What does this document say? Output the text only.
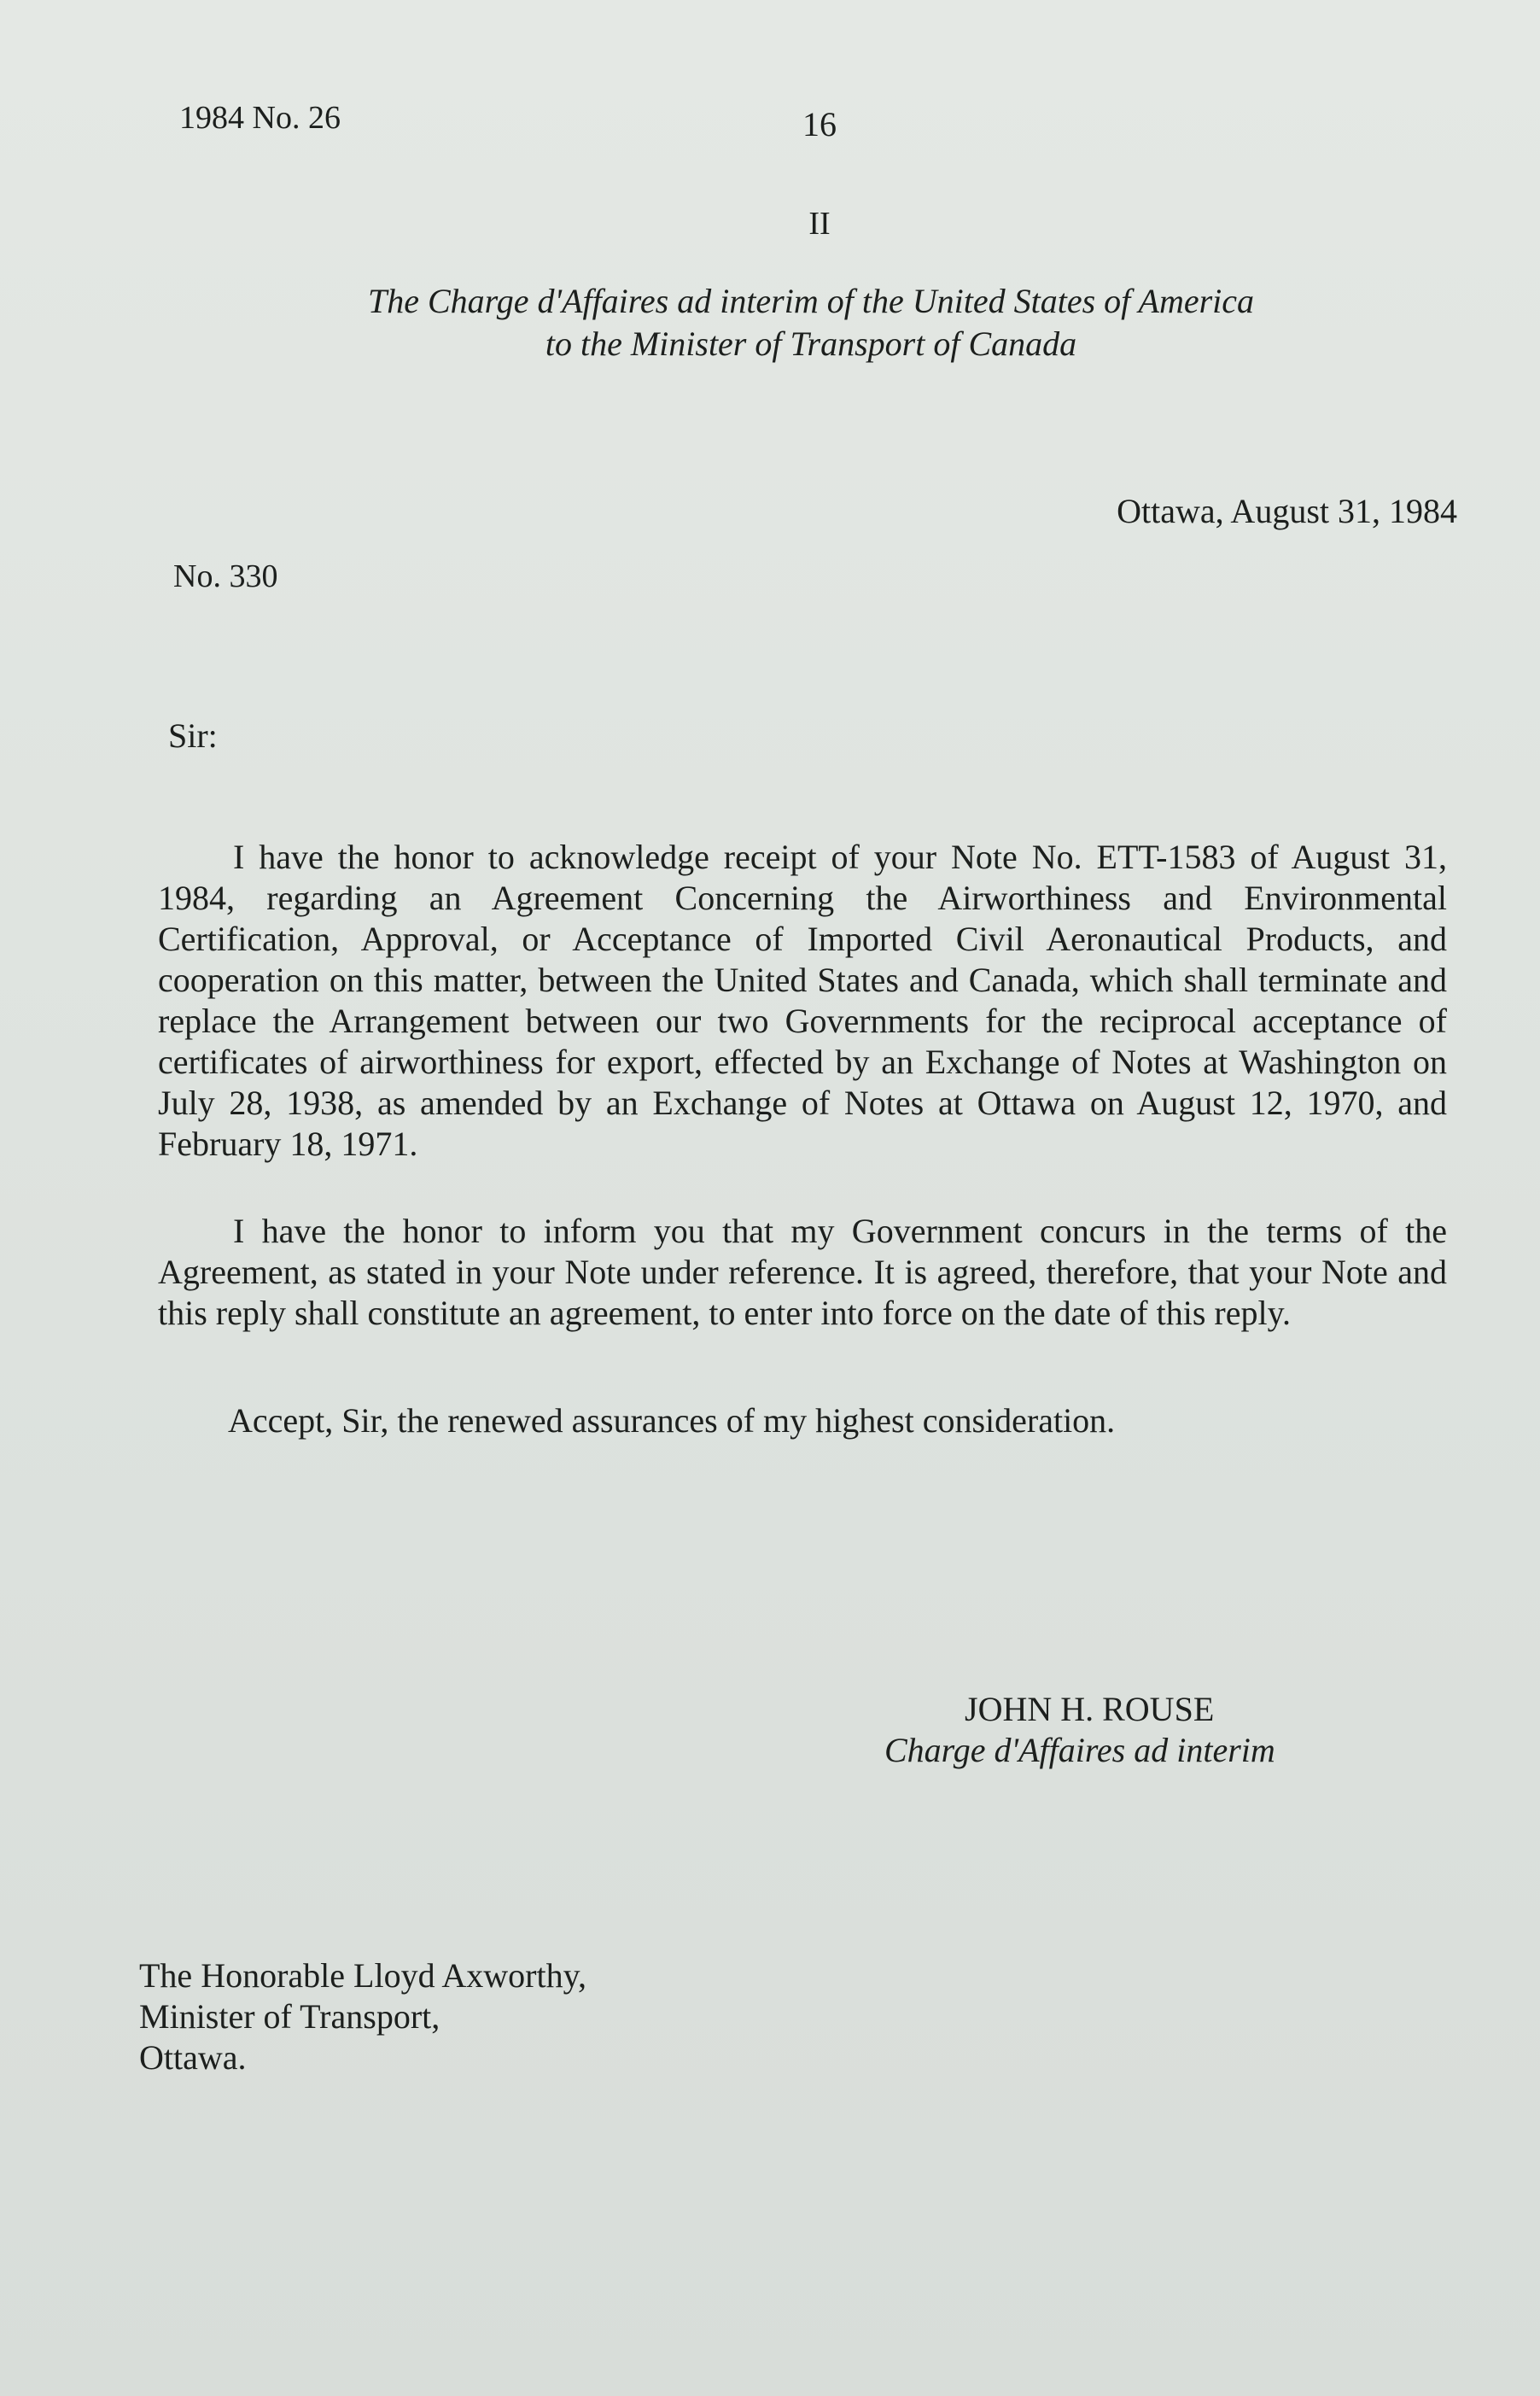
1984 No. 26	16
II
The Charge d'Affaires ad interim of the United States of America
to the Minister of Transport of Canada
Ottawa, August 31, 1984
No. 330
Sir:
I have the honor to acknowledge receipt of your Note No. ETT-1583 of August 31, 1984, regarding an Agreement Concerning the Airworthiness and Environmental Certification, Approval, or Acceptance of Imported Civil Aeronautical Products, and cooperation on this matter, between the United States and Canada, which shall terminate and replace the Arrangement between our two Governments for the reciprocal acceptance of certificates of airworthiness for export, effected by an Exchange of Notes at Washington on July 28, 1938, as amended by an Exchange of Notes at Ottawa on August 12, 1970, and February 18, 1971.
I have the honor to inform you that my Government concurs in the terms of the Agreement, as stated in your Note under reference. It is agreed, therefore, that your Note and this reply shall constitute an agreement, to enter into force on the date of this reply.
Accept, Sir, the renewed assurances of my highest consideration.
JOHN H. ROUSE
Charge d'Affaires ad interim
The Honorable Lloyd Axworthy,
Minister of Transport,
Ottawa.
